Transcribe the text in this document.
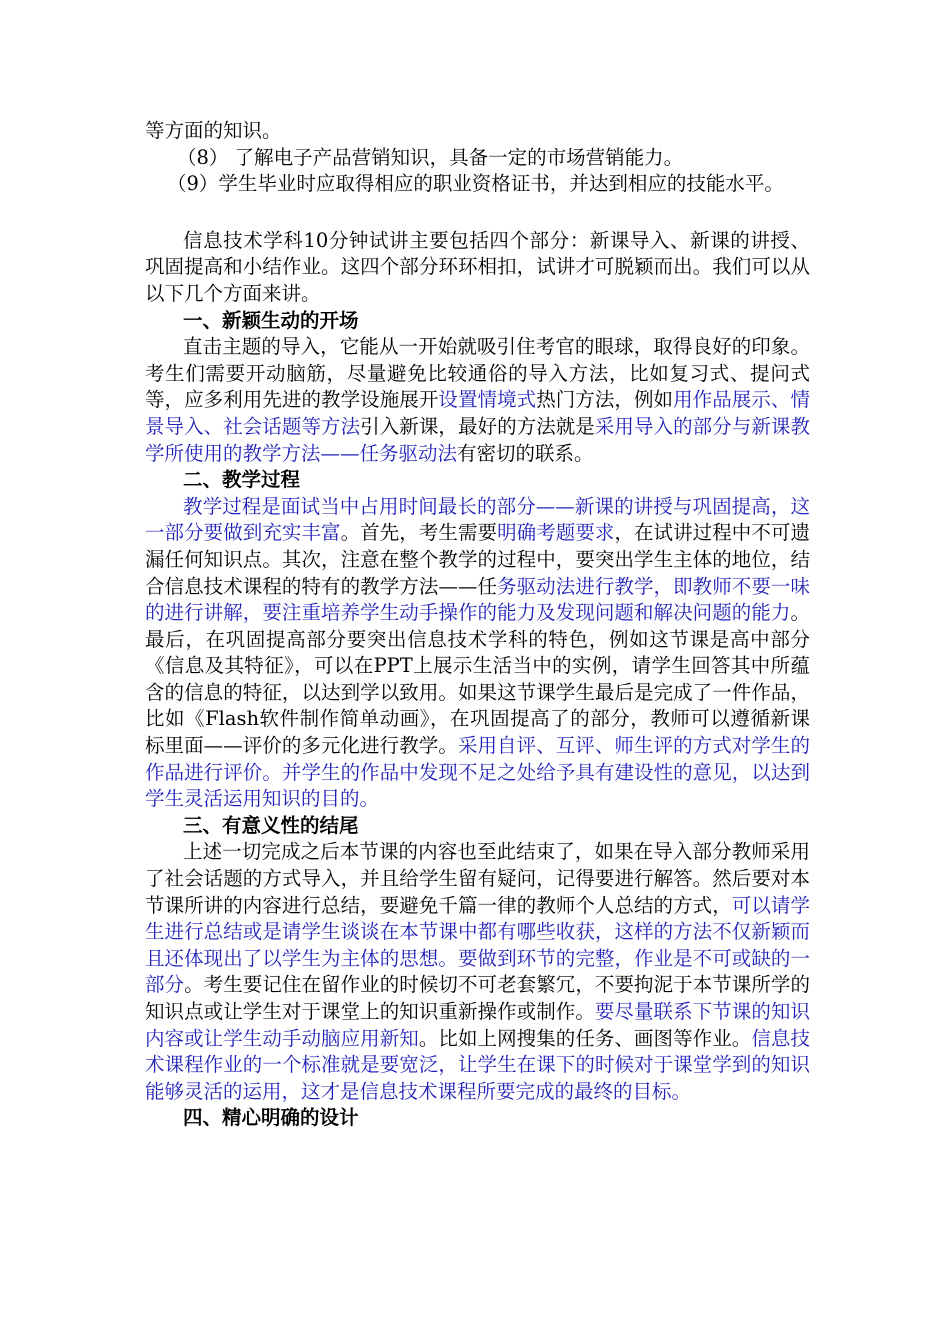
等方面的知识。

（8） 了解电子产品营销知识，具备一定的市场营销能力。

（9）学生毕业时应取得相应的职业资格证书，并达到相应的技能水平。

信息技术学科10分钟试讲主要包括四个部分：新课导入、新课的讲授、巩固提高和小结作业。这四个部分环环相扣，试讲才可脱颖而出。我们可以从以下几个方面来讲。

一、新颖生动的开场

直击主题的导入，它能从一开始就吸引住考官的眼球，取得良好的印象。考生们需要开动脑筋，尽量避免比较通俗的导入方法，比如复习式、提问式等，应多利用先进的教学设施展开设置情境式热门方法，例如用作品展示、情景导入、社会话题等方法引入新课，最好的方法就是采用导入的部分与新课教学所使用的教学方法——任务驱动法有密切的联系。

二、教学过程

教学过程是面试当中占用时间最长的部分——新课的讲授与巩固提高，这一部分要做到充实丰富。首先，考生需要明确考题要求，在试讲过程中不可遗漏任何知识点。其次，注意在整个教学的过程中，要突出学生主体的地位，结合信息技术课程的特有的教学方法——任务驱动法进行教学，即教师不要一味的进行讲解，要注重培养学生动手操作的能力及发现问题和解决问题的能力。最后，在巩固提高部分要突出信息技术学科的特色，例如这节课是高中部分《信息及其特征》，可以在PPT上展示生活当中的实例，请学生回答其中所蕴含的信息的特征，以达到学以致用。如果这节课学生最后是完成了一件作品，比如《Flash软件制作简单动画》，在巩固提高了的部分，教师可以遵循新课标里面——评价的多元化进行教学。采用自评、互评、师生评的方式对学生的作品进行评价。并学生的作品中发现不足之处给予具有建设性的意见，以达到学生灵活运用知识的目的。

三、有意义性的结尾

上述一切完成之后本节课的内容也至此结束了，如果在导入部分教师采用了社会话题的方式导入，并且给学生留有疑问，记得要进行解答。然后要对本节课所讲的内容进行总结，要避免千篇一律的教师个人总结的方式，可以请学生进行总结或是请学生谈谈在本节课中都有哪些收获，这样的方法不仅新颖而且还体现出了以学生为主体的思想。要做到环节的完整，作业是不可或缺的一部分。考生要记住在留作业的时候切不可老套繁冗，不要拘泥于本节课所学的知识点或让学生对于课堂上的知识重新操作或制作。要尽量联系下节课的知识内容或让学生动手动脑应用新知。比如上网搜集的任务、画图等作业。信息技术课程作业的一个标准就是要宽泛，让学生在课下的时候对于课堂学到的知识能够灵活的运用，这才是信息技术课程所要完成的最终的目标。

四、精心明确的设计
